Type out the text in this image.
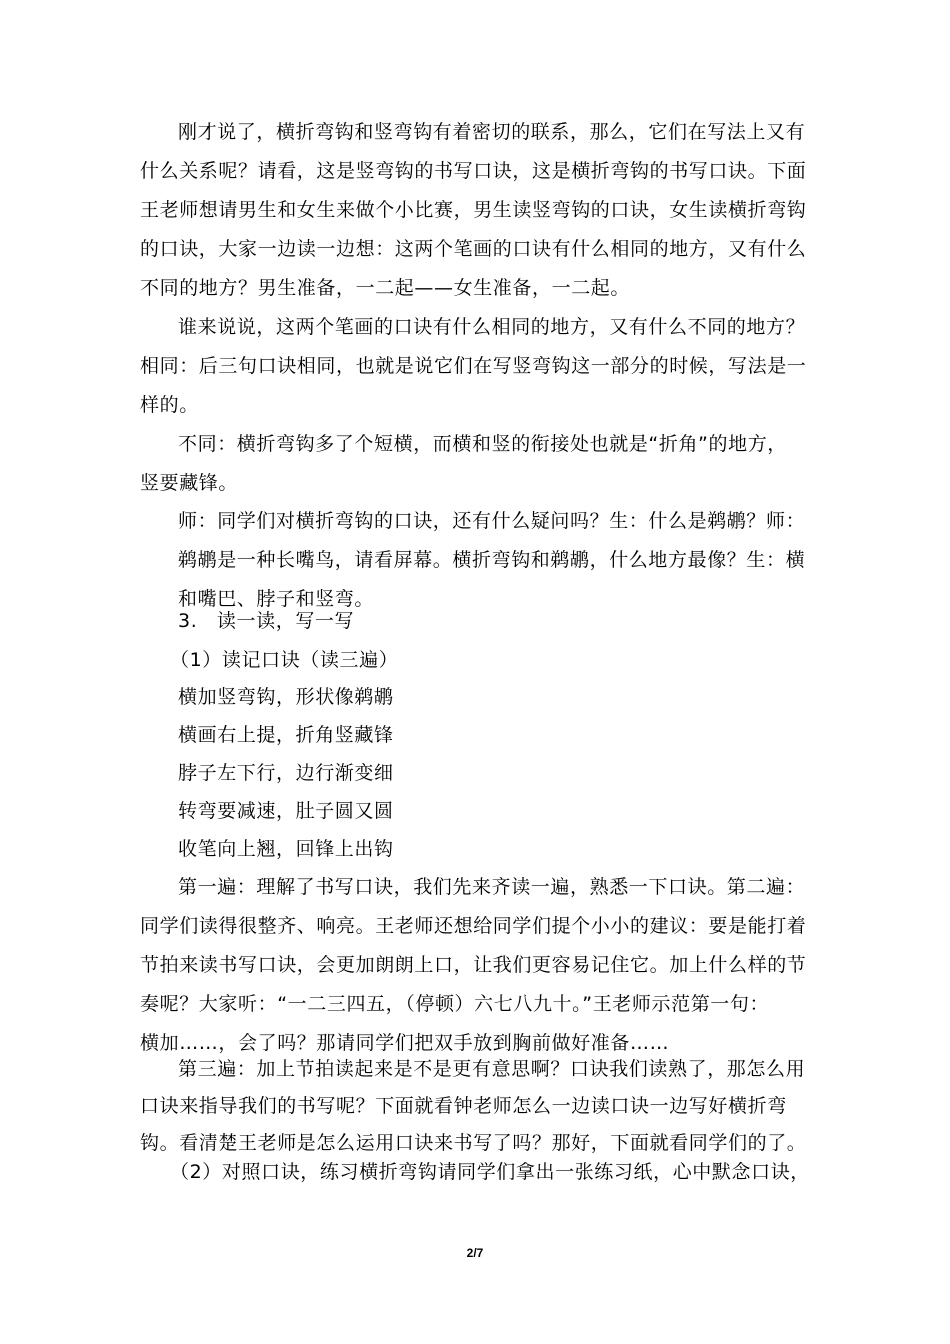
刚才说了，横折弯钩和竖弯钩有着密切的联系，那么，它们在写法上又有
什么关系呢？请看，这是竖弯钩的书写口诀，这是横折弯钩的书写口诀。下面
王老师想请男生和女生来做个小比赛，男生读竖弯钩的口诀，女生读横折弯钩
的口诀，大家一边读一边想：这两个笔画的口诀有什么相同的地方，又有什么
不同的地方？男生准备，一二起——女生准备，一二起。
谁来说说，这两个笔画的口诀有什么相同的地方，又有什么不同的地方？
相同：后三句口诀相同，也就是说它们在写竖弯钩这一部分的时候，写法是一
样的。
不同：横折弯钩多了个短横，而横和竖的衔接处也就是“折角”的地方，
竖要藏锋。
师：同学们对横折弯钩的口诀，还有什么疑问吗？生：什么是鹈鹕？师：
鹈鹕是一种长嘴鸟，请看屏幕。横折弯钩和鹈鹕，什么地方最像？生：横
和嘴巴、脖子和竖弯。
3.　读一读，写一写
（1）读记口诀（读三遍）
横加竖弯钩，形状像鹈鹕
横画右上提，折角竖藏锋
脖子左下行，边行渐变细
转弯要减速，肚子圆又圆
收笔向上翘，回锋上出钩
第一遍：理解了书写口诀，我们先来齐读一遍，熟悉一下口诀。第二遍：
同学们读得很整齐、响亮。王老师还想给同学们提个小小的建议：要是能打着
节拍来读书写口诀，会更加朗朗上口，让我们更容易记住它。加上什么样的节
奏呢？大家听：“一二三四五，（停顿）六七八九十。”王老师示范第一句：
横加……，会了吗？那请同学们把双手放到胸前做好准备……
第三遍：加上节拍读起来是不是更有意思啊？口诀我们读熟了，那怎么用
口诀来指导我们的书写呢？下面就看钟老师怎么一边读口诀一边写好横折弯
钩。看清楚王老师是怎么运用口诀来书写了吗？那好，下面就看同学们的了。
（2）对照口诀，练习横折弯钩请同学们拿出一张练习纸，心中默念口诀，
2/7
